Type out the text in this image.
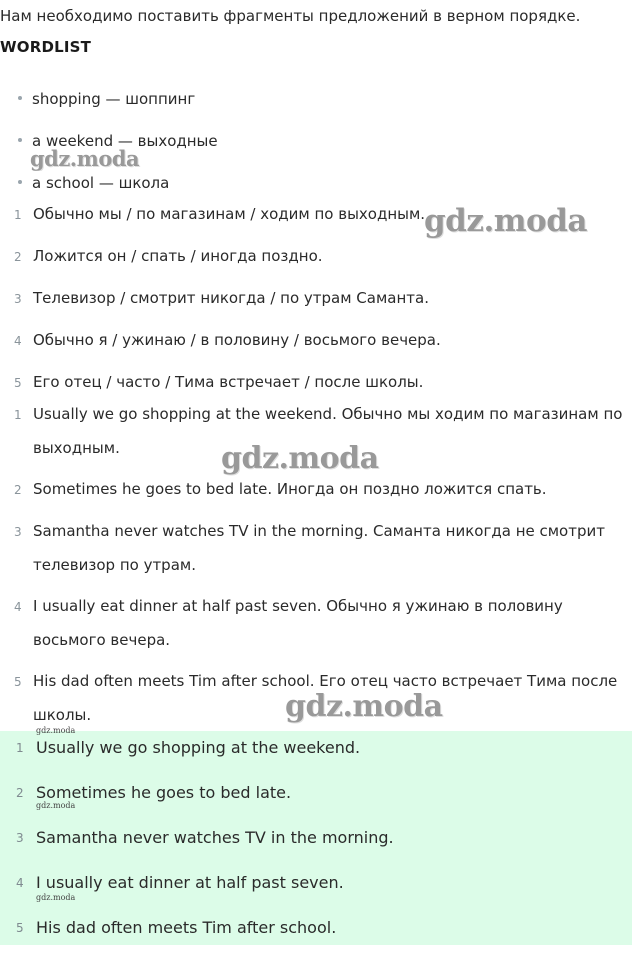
Нам необходимо поставить фрагменты предложений в верном порядке.
WORDLIST
shopping — шоппинг
a weekend — выходные
a school — школа
1 Обычно мы / по магазинам / ходим по выходным.
2 Ложится он / спать / иногда поздно.
3 Телевизор / смотрит никогда / по утрам Саманта.
4 Обычно я / ужинаю / в половину / восьмого вечера.
5 Его отец / часто / Тима встречает / после школы.
1 Usually we go shopping at the weekend. Обычно мы ходим по магазинам по выходным.
2 Sometimes he goes to bed late. Иногда он поздно ложится спать.
3 Samantha never watches TV in the morning. Саманта никогда не смотрит телевизор по утрам.
4 I usually eat dinner at half past seven. Обычно я ужинаю в половину восьмого вечера.
5 His dad often meets Tim after school. Его отец часто встречает Тима после школы.
1 Usually we go shopping at the weekend.
2 Sometimes he goes to bed late.
3 Samantha never watches TV in the morning.
4 I usually eat dinner at half past seven.
5 His dad often meets Tim after school.
gdz.moda
gdz.moda
gdz.moda
gdz.moda
gdz.moda
gdz.moda
gdz.moda
